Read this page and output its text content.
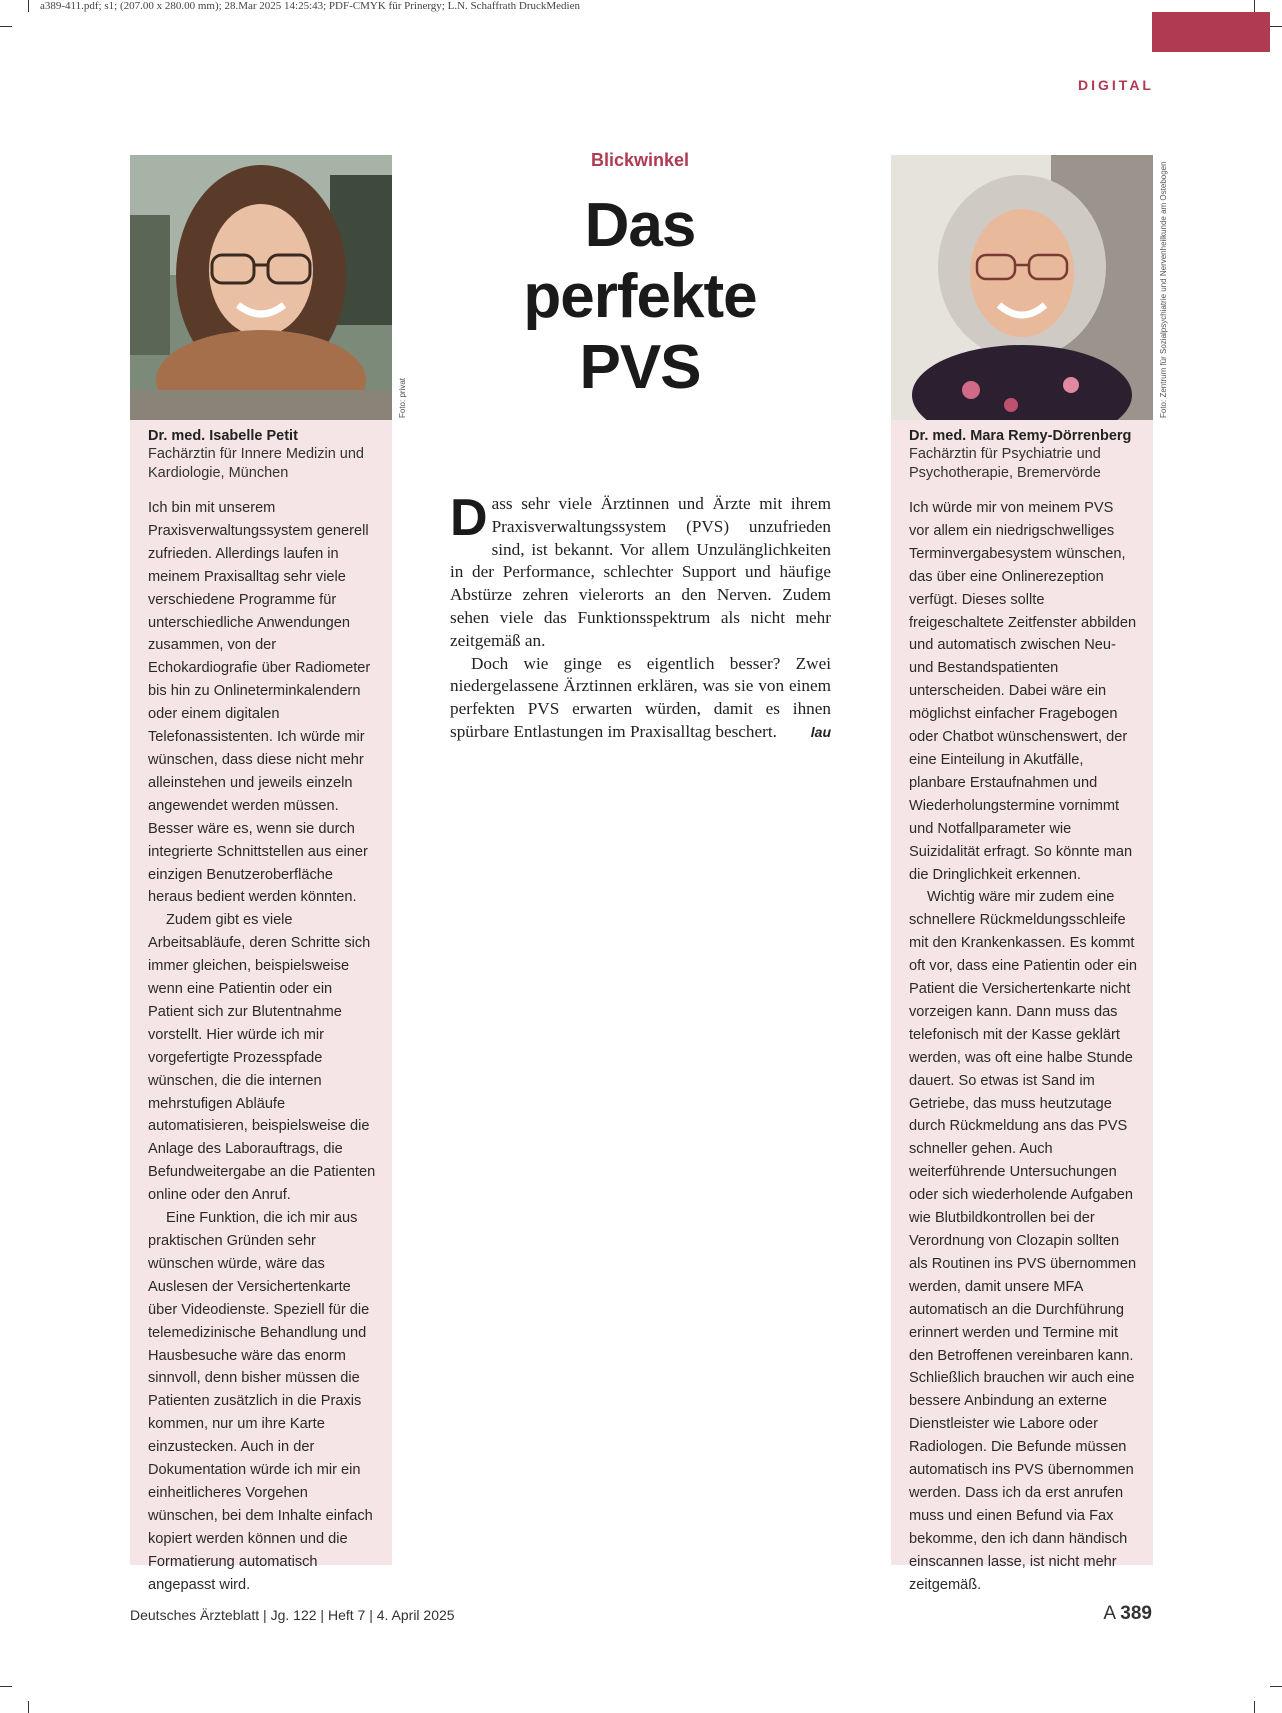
a389-411.pdf; s1; (207.00 x 280.00 mm); 28.Mar 2025 14:25:43; PDF-CMYK für Prinergy; L.N. Schaffrath DruckMedien
DIGITAL
Foto: privat
Dr. med. Isabelle Petit
Fachärztin für Innere Medizin und
Kardiologie, München

Ich bin mit unserem Praxisverwaltungssystem generell zufrieden. Allerdings laufen in meinem Praxisalltag sehr viele verschiedene Programme für unterschiedliche Anwendungen zusammen, von der Echokardiografie über Radiometer bis hin zu Onlineterminkalendern oder einem digitalen Telefonassistenten. Ich würde mir wünschen, dass diese nicht mehr alleinstehen und jeweils einzeln angewendet werden müssen. Besser wäre es, wenn sie durch integrierte Schnittstellen aus einer einzigen Benutzeroberfläche heraus bedient werden könnten.

Zudem gibt es viele Arbeitsabläufe, deren Schritte sich immer gleichen, beispielsweise wenn eine Patientin oder ein Patient sich zur Blutentnahme vorstellt. Hier würde ich mir vorgefertigte Prozesspfade wünschen, die die internen mehrstufigen Abläufe automatisieren, beispielsweise die Anlage des Laborauftrags, die Befundweitergabe an die Patienten online oder den Anruf.

Eine Funktion, die ich mir aus praktischen Gründen sehr wünschen würde, wäre das Auslesen der Versichertenkarte über Videodienste. Speziell für die telemedizinische Behandlung und Hausbesuche wäre das enorm sinnvoll, denn bisher müssen die Patienten zusätzlich in die Praxis kommen, nur um ihre Karte einzustecken. Auch in der Dokumentation würde ich mir ein einheitlicheres Vorgehen wünschen, bei dem Inhalte einfach kopiert werden können und die Formatierung automatisch angepasst wird.

Blickwinkel
Das
perfekte
PVS

Dass sehr viele Ärztinnen und Ärzte mit ihrem Praxisverwaltungssystem (PVS) unzufrieden sind, ist bekannt. Vor allem Unzulänglichkeiten in der Performance, schlechter Support und häufige Abstürze zehren vielerorts an den Nerven. Zudem sehen viele das Funktionsspektrum als nicht mehr zeitgemäß an.

Doch wie ginge es eigentlich besser? Zwei niedergelassene Ärztinnen erklären, was sie von einem perfekten PVS erwarten würden, damit es ihnen spürbare Entlastungen im Praxisalltag beschert.	lau

Foto: Zentrum für Sozialpsychiatrie und Nervenheilkunde am Ostebogen
Dr. med. Mara Remy-Dörrenberg
Fachärztin für Psychiatrie und
Psychotherapie, Bremervörde

Ich würde mir von meinem PVS vor allem ein niedrigschwelliges Terminvergabesystem wünschen, das über eine Onlinerezeption verfügt. Dieses sollte freigeschaltete Zeitfenster abbilden und automatisch zwischen Neu- und Bestandspatienten unterscheiden. Dabei wäre ein möglichst einfacher Fragebogen oder Chatbot wünschenswert, der eine Einteilung in Akutfälle, planbare Erstaufnahmen und Wiederholungstermine vornimmt und Notfallparameter wie Suizidalität erfragt. So könnte man die Dringlichkeit erkennen.

Wichtig wäre mir zudem eine schnellere Rückmeldungsschleife mit den Krankenkassen. Es kommt oft vor, dass eine Patientin oder ein Patient die Versichertenkarte nicht vorzeigen kann. Dann muss das telefonisch mit der Kasse geklärt werden, was oft eine halbe Stunde dauert. So etwas ist Sand im Getriebe, das muss heutzutage durch Rückmeldung ans das PVS schneller gehen. Auch weiterführende Untersuchungen oder sich wiederholende Aufgaben wie Blutbildkontrollen bei der Verordnung von Clozapin sollten als Routinen ins PVS übernommen werden, damit unsere MFA automatisch an die Durchführung erinnert werden und Termine mit den Betroffenen vereinbaren kann. Schließlich brauchen wir auch eine bessere Anbindung an externe Dienstleister wie Labore oder Radiologen. Die Befunde müssen automatisch ins PVS übernommen werden. Dass ich da erst anrufen muss und einen Befund via Fax bekomme, den ich dann händisch einscannen lasse, ist nicht mehr zeitgemäß.

Deutsches Ärzteblatt | Jg. 122 | Heft 7 | 4. April 2025	A 389
